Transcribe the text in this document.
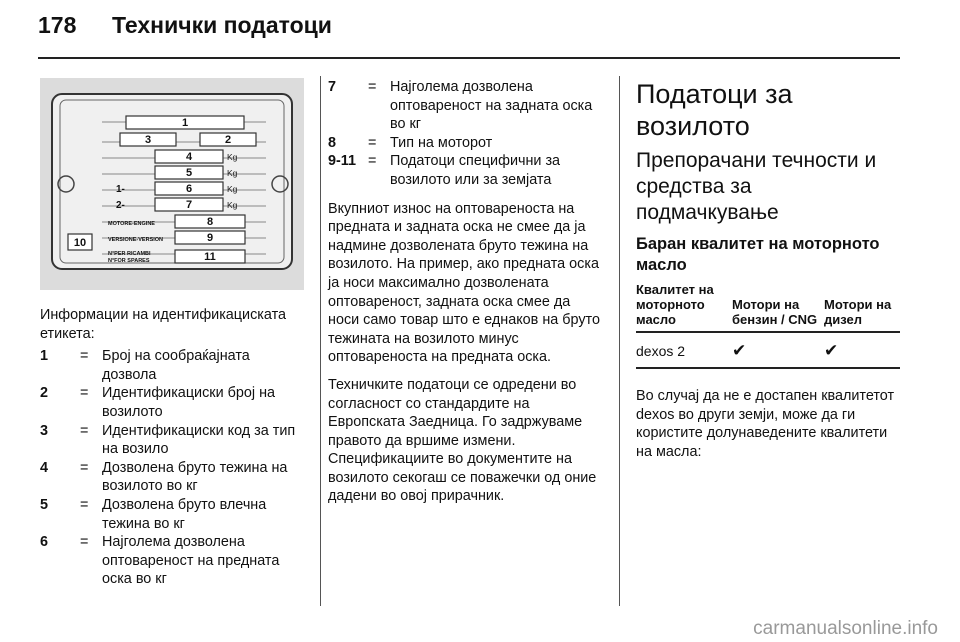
178 Технички податоци
1
3	2
4
5
6
7
8
9
11
10
Kg
Kg
Kg
Kg
1-
2-
MOTORE-ENGINE
VERSIONE-VERSION
N°PER RICAMBI
N°FOR SPARES

Информации на идентификациската етикета:

1	= Број на сообраќајната дозвола
2	= Идентификациски број на возилото
3	= Идентификациски код за тип на возило
4	= Дозволена бруто тежина на возилото во кг
5	= Дозволена бруто влечна тежина во кг
6	= Најголема дозволена оптовареност на предната оска во кг
7	= Најголема дозволена оптовареност на задната оска во кг
8	= Тип на моторот
9-11 = Податоци специфични за возилото или за земјата

Вкупниот износ на оптовареноста на предната и задната оска не смее да ја надмине дозволената бруто тежина на возилото. На пример, ако предната оска ја носи максимално дозволената оптовареност, задната оска смее да носи само товар што е еднаков на бруто тежината на возилото минус оптовареноста на предната оска.

Техничките податоци се одредени во согласност со стандардите на Европската Заедница. Го задржуваме правото да вршиме измени. Спецификациите во документите на возилото секогаш се поважечки од оние дадени во овој прирачник.

Податоци за возилото
Препорачани течности и средства за подмачкување
Баран квалитет на моторното масло
Квалитет на моторното масло	Мотори на бензин / CNG	Мотори на дизел
dexos 2	✔	✔

Во случај да не е достапен квалитетот dexos во други земји, може да ги користите долунаведените квалитети на масла:

carmanualsonline.info
